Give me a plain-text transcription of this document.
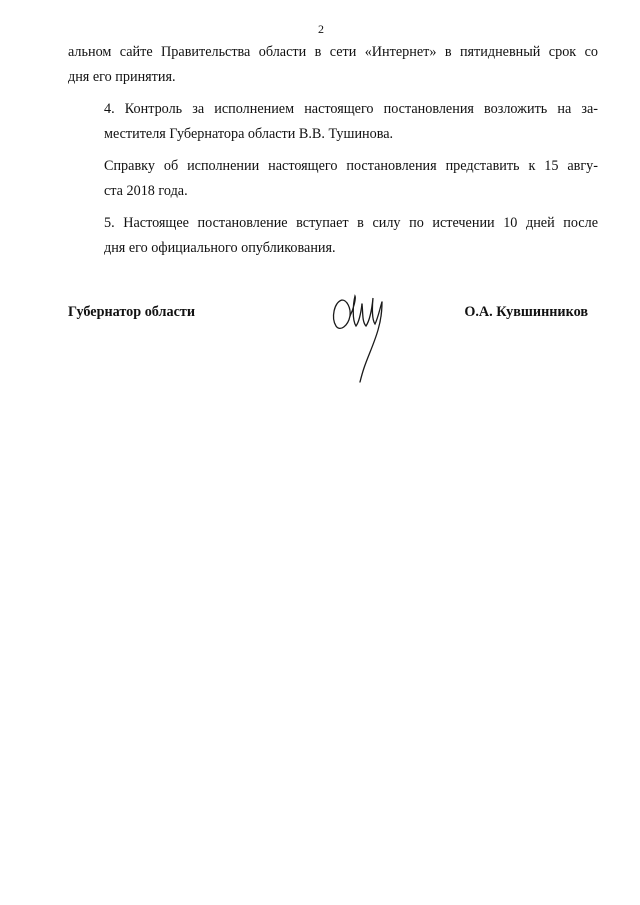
2

альном сайте Правительства области в сети «Интернет» в пятидневный срок со
дня его принятия.

4. Контроль за исполнением настоящего постановления возложить на за-
местителя Губернатора области В.В. Тушинова.

Справку об исполнении настоящего постановления представить к 15 авгу-
ста 2018 года.

5. Настоящее постановление вступает в силу по истечении 10 дней после
дня его официального опубликования.

Губернатор области	О.А. Кувшинников
